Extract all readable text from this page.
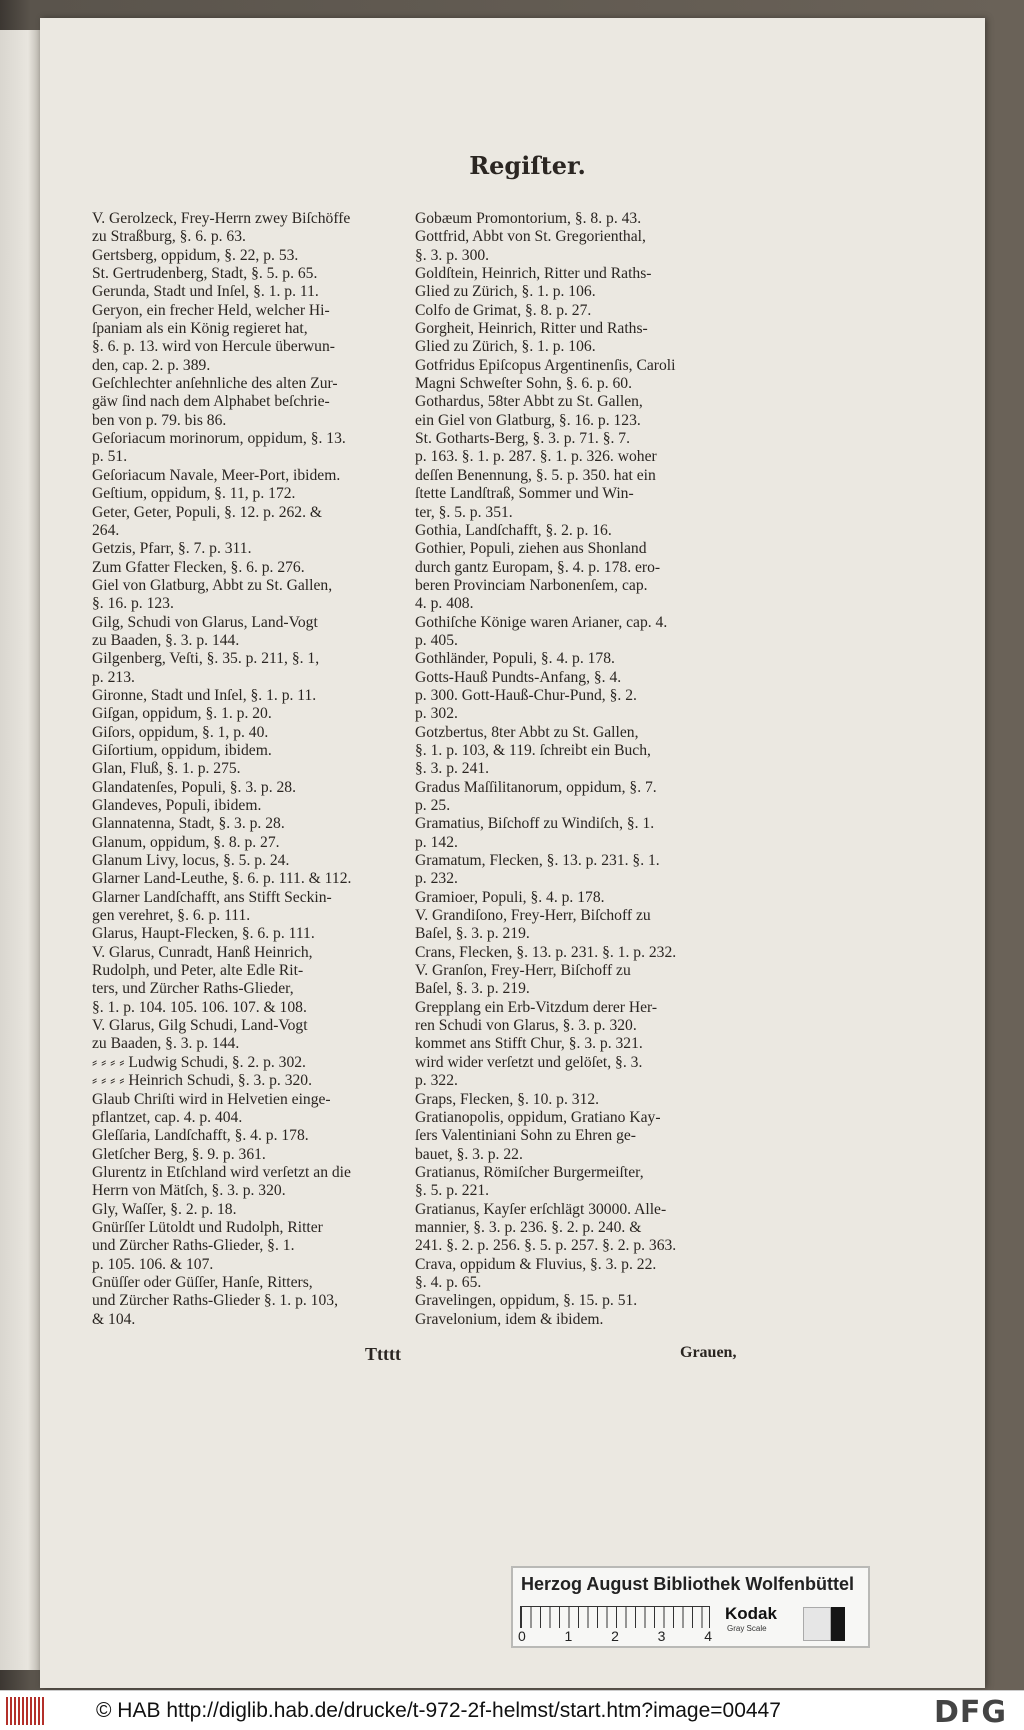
Regiſter.
V. Gerolzeck, Frey-Herrn zwey Biſchöffe
zu Straßburg, §. 6. p. 63.
Gertsberg, oppidum, §. 22, p. 53.
St. Gertrudenberg, Stadt, §. 5. p. 65.
Gerunda, Stadt und Inſel, §. 1. p. 11.
Geryon, ein frecher Held, welcher Hi-
ſpaniam als ein König regieret hat,
§. 6. p. 13. wird von Hercule überwun-
den, cap. 2. p. 389.
Geſchlechter anſehnliche des alten Zur-
gäw ſind nach dem Alphabet beſchrie-
ben von p. 79. bis 86.
Geſoriacum morinorum, oppidum, §. 13.
p. 51.
Geſoriacum Navale, Meer-Port, ibidem.
Geſtium, oppidum, §. 11, p. 172.
Geter, Geter, Populi, §. 12. p. 262. &
264.
Getzis, Pfarr, §. 7. p. 311.
Zum Gfatter Flecken, §. 6. p. 276.
Giel von Glatburg, Abbt zu St. Gallen,
§. 16. p. 123.
Gilg, Schudi von Glarus, Land-Vogt
zu Baaden, §. 3. p. 144.
Gilgenberg, Veſti, §. 35. p. 211, §. 1,
p. 213.
Gironne, Stadt und Inſel, §. 1. p. 11.
Giſgan, oppidum, §. 1. p. 20.
Giſors, oppidum, §. 1, p. 40.
Giſortium, oppidum, ibidem.
Glan, Fluß, §. 1. p. 275.
Glandatenſes, Populi, §. 3. p. 28.
Glandeves, Populi, ibidem.
Glannatenna, Stadt, §. 3. p. 28.
Glanum, oppidum, §. 8. p. 27.
Glanum Livy, locus, §. 5. p. 24.
Glarner Land-Leuthe, §. 6. p. 111. & 112.
Glarner Landſchafft, ans Stifft Seckin-
gen verehret, §. 6. p. 111.
Glarus, Haupt-Flecken, §. 6. p. 111.
V. Glarus, Cunradt, Hanß Heinrich,
Rudolph, und Peter, alte Edle Rit-
ters, und Zürcher Raths-Glieder,
§. 1. p. 104. 105. 106. 107. & 108.
V. Glarus, Gilg Schudi, Land-Vogt
zu Baaden, §. 3. p. 144.
⸗ ⸗ ⸗ ⸗ Ludwig Schudi, §. 2. p. 302.
⸗ ⸗ ⸗ ⸗ Heinrich Schudi, §. 3. p. 320.
Glaub Chriſti wird in Helvetien einge-
pflantzet, cap. 4. p. 404.
Gleſſaria, Landſchafft, §. 4. p. 178.
Gletſcher Berg, §. 9. p. 361.
Glurentz in Etſchland wird verſetzt an die
Herrn von Mätſch, §. 3. p. 320.
Gly, Waſſer, §. 2. p. 18.
Gnürſſer Lütoldt und Rudolph, Ritter
und Zürcher Raths-Glieder, §. 1.
p. 105. 106. & 107.
Gnüſſer oder Güſſer, Hanſe, Ritters,
und Zürcher Raths-Glieder §. 1. p. 103,
& 104.
Gobæum Promontorium, §. 8. p. 43.
Gottfrid, Abbt von St. Gregorienthal,
§. 3. p. 300.
Goldſtein, Heinrich, Ritter und Raths-
Glied zu Zürich, §. 1. p. 106.
Colfo de Grimat, §. 8. p. 27.
Gorgheit, Heinrich, Ritter und Raths-
Glied zu Zürich, §. 1. p. 106.
Gotfridus Epiſcopus Argentinenſis, Caroli
Magni Schweſter Sohn, §. 6. p. 60.
Gothardus, 58ter Abbt zu St. Gallen,
ein Giel von Glatburg, §. 16. p. 123.
St. Gotharts-Berg, §. 3. p. 71. §. 7.
p. 163. §. 1. p. 287. §. 1. p. 326. woher
deſſen Benennung, §. 5. p. 350. hat ein
ſtette Landſtraß, Sommer und Win-
ter, §. 5. p. 351.
Gothia, Landſchafft, §. 2. p. 16.
Gothier, Populi, ziehen aus Shonland
durch gantz Europam, §. 4. p. 178. ero-
beren Provinciam Narbonenſem, cap.
4. p. 408.
Gothiſche Könige waren Arianer, cap. 4.
p. 405.
Gothländer, Populi, §. 4. p. 178.
Gotts-Hauß Pundts-Anfang, §. 4.
p. 300. Gott-Hauß-Chur-Pund, §. 2.
p. 302.
Gotzbertus, 8ter Abbt zu St. Gallen,
§. 1. p. 103, & 119. ſchreibt ein Buch,
§. 3. p. 241.
Gradus Maſſilitanorum, oppidum, §. 7.
p. 25.
Gramatius, Biſchoff zu Windiſch, §. 1.
p. 142.
Gramatum, Flecken, §. 13. p. 231. §. 1.
p. 232.
Gramioer, Populi, §. 4. p. 178.
V. Grandiſono, Frey-Herr, Biſchoff zu
Baſel, §. 3. p. 219.
Crans, Flecken, §. 13. p. 231. §. 1. p. 232.
V. Granſon, Frey-Herr, Biſchoff zu
Baſel, §. 3. p. 219.
Grepplang ein Erb-Vitzdum derer Her-
ren Schudi von Glarus, §. 3. p. 320.
kommet ans Stifft Chur, §. 3. p. 321.
wird wider verſetzt und gelöſet, §. 3.
p. 322.
Graps, Flecken, §. 10. p. 312.
Gratianopolis, oppidum, Gratiano Kay-
ſers Valentiniani Sohn zu Ehren ge-
bauet, §. 3. p. 22.
Gratianus, Römiſcher Burgermeiſter,
§. 5. p. 221.
Gratianus, Kayſer erſchlägt 30000. Alle-
mannier, §. 3. p. 236. §. 2. p. 240. &
241. §. 2. p. 256. §. 5. p. 257. §. 2. p. 363.
Crava, oppidum & Fluvius, §. 3. p. 22.
§. 4. p. 65.
Gravelingen, oppidum, §. 15. p. 51.
Gravelonium, idem & ibidem.
Ttttt	Grauen,
Herzog August Bibliothek Wolfenbüttel
0	1	2	3	4
Kodak
Gray Scale
© HAB http://diglib.hab.de/drucke/t-972-2f-helmst/start.htm?image=00447	DFG
